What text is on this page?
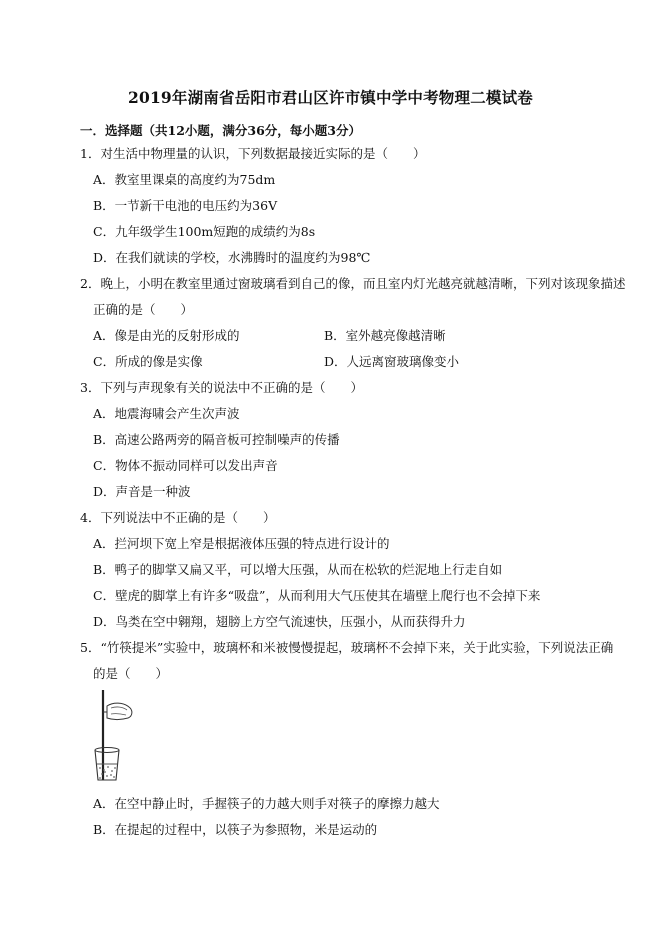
2019年湖南省岳阳市君山区许市镇中学中考物理二模试卷
一．选择题（共12小题，满分36分，每小题3分）
1．对生活中物理量的认识，下列数据最接近实际的是（　　）
A．教室里课桌的高度约为75dm
B．一节新干电池的电压约为36V
C．九年级学生100m短跑的成绩约为8s
D．在我们就读的学校，水沸腾时的温度约为98℃
2．晚上，小明在教室里通过窗玻璃看到自己的像，而且室内灯光越亮就越清晰，下列对该现象描述
正确的是（　　）
A．像是由光的反射形成的	B．室外越亮像越清晰
C．所成的像是实像	D．人远离窗玻璃像变小
3．下列与声现象有关的说法中不正确的是（　　）
A．地震海啸会产生次声波
B．高速公路两旁的隔音板可控制噪声的传播
C．物体不振动同样可以发出声音
D．声音是一种波
4．下列说法中不正确的是（　　）
A．拦河坝下宽上窄是根据液体压强的特点进行设计的
B．鸭子的脚掌又扁又平，可以增大压强，从而在松软的烂泥地上行走自如
C．壁虎的脚掌上有许多“吸盘”，从而利用大气压使其在墙壁上爬行也不会掉下来
D．鸟类在空中翱翔，翅膀上方空气流速快，压强小，从而获得升力
5．“竹筷提米”实验中，玻璃杯和米被慢慢提起，玻璃杯不会掉下来，关于此实验，下列说法正确
的是（　　）
A．在空中静止时，手握筷子的力越大则手对筷子的摩擦力越大
B．在提起的过程中，以筷子为参照物，米是运动的
